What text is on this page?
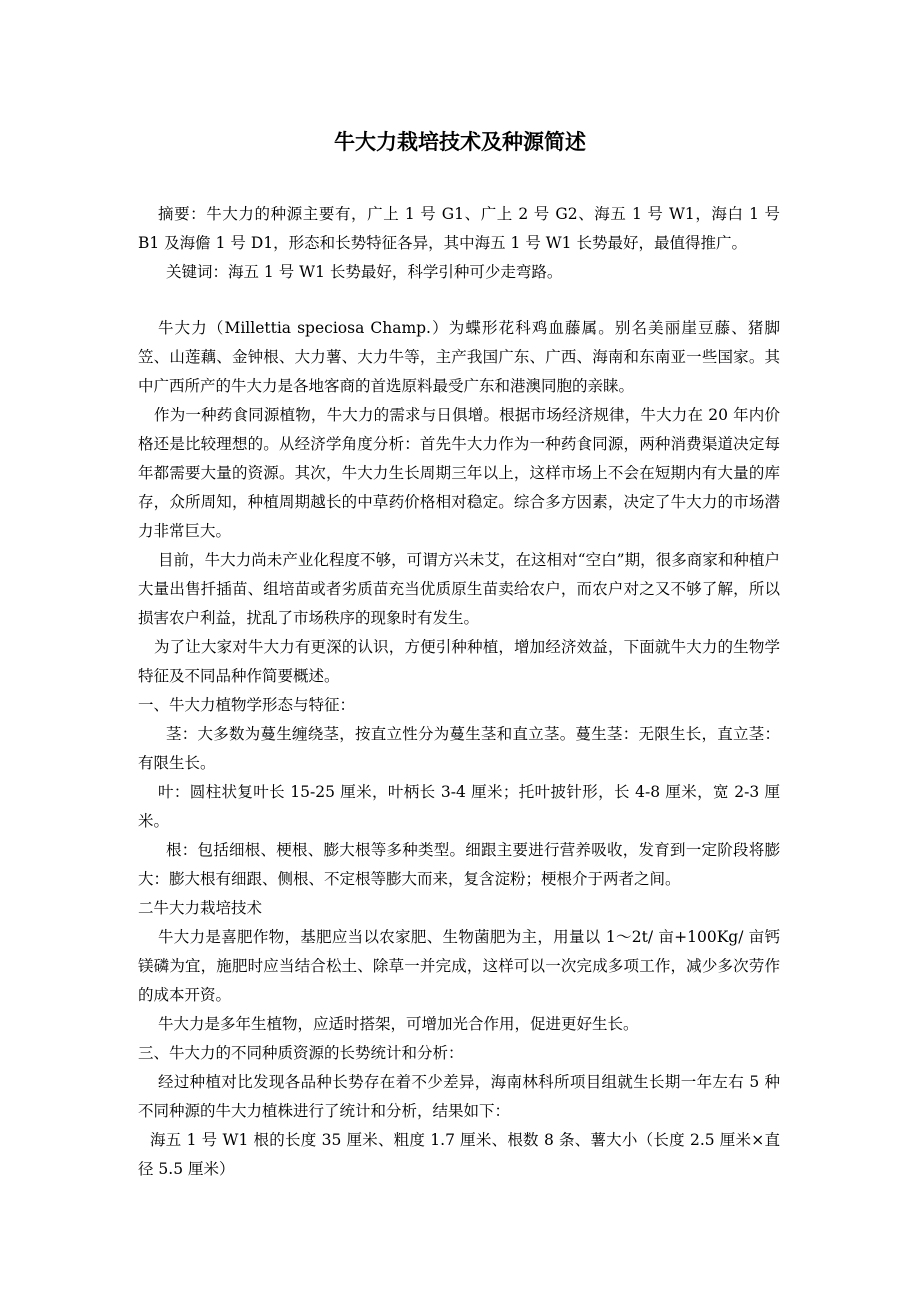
牛大力栽培技术及种源简述

摘要：牛大力的种源主要有，广上 1 号 G1、广上 2 号 G2、海五 1 号 W1，海白 1 号 B1 及海儋 1 号 D1，形态和长势特征各异，其中海五 1 号 W1 长势最好，最值得推广。

关键词：海五 1 号 W1 长势最好，科学引种可少走弯路。

牛大力（Millettia speciosa Champ.）为蝶形花科鸡血藤属。别名美丽崖豆藤、猪脚笠、山莲藕、金钟根、大力薯、大力牛等，主产我国广东、广西、海南和东南亚一些国家。其中广西所产的牛大力是各地客商的首选原料最受广东和港澳同胞的亲睐。

作为一种药食同源植物，牛大力的需求与日俱增。根据市场经济规律，牛大力在 20 年内价格还是比较理想的。从经济学角度分析：首先牛大力作为一种药食同源，两种消费渠道决定每年都需要大量的资源。其次，牛大力生长周期三年以上，这样市场上不会在短期内有大量的库存，众所周知，种植周期越长的中草药价格相对稳定。综合多方因素，决定了牛大力的市场潜力非常巨大。

目前，牛大力尚未产业化程度不够，可谓方兴未艾，在这相对“空白”期，很多商家和种植户大量出售扦插苗、组培苗或者劣质苗充当优质原生苗卖给农户，而农户对之又不够了解，所以损害农户利益，扰乱了市场秩序的现象时有发生。

为了让大家对牛大力有更深的认识，方便引种种植，增加经济效益，下面就牛大力的生物学特征及不同品种作简要概述。

一、牛大力植物学形态与特征：

茎：大多数为蔓生缠绕茎，按直立性分为蔓生茎和直立茎。蔓生茎：无限生长，直立茎：有限生长。

叶：圆柱状复叶长 15-25 厘米，叶柄长 3-4 厘米；托叶披针形，长 4-8 厘米，宽 2-3 厘米。

根：包括细根、梗根、膨大根等多种类型。细跟主要进行营养吸收，发育到一定阶段将膨大：膨大根有细跟、侧根、不定根等膨大而来，复含淀粉；梗根介于两者之间。

二牛大力栽培技术

牛大力是喜肥作物，基肥应当以农家肥、生物菌肥为主，用量以 1～2t/ 亩+100Kg/ 亩钙镁磷为宜，施肥时应当结合松土、除草一并完成，这样可以一次完成多项工作，减少多次劳作的成本开资。

牛大力是多年生植物，应适时搭架，可增加光合作用，促进更好生长。

三、牛大力的不同种质资源的长势统计和分析：

经过种植对比发现各品种长势存在着不少差异，海南林科所项目组就生长期一年左右 5 种不同种源的牛大力植株进行了统计和分析，结果如下：

海五 1 号 W1 根的长度 35 厘米、粗度 1.7 厘米、根数 8 条、薯大小（长度 2.5 厘米×直径 5.5 厘米）
